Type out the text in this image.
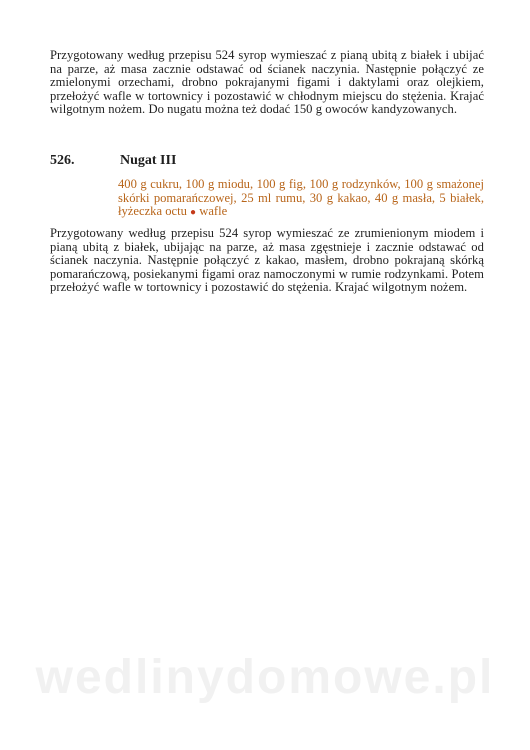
Przygotowany według przepisu 524 syrop wymieszać z pianą ubitą z białek i ubijać na parze, aż masa zacznie odstawać od ścianek naczynia. Następnie połączyć ze zmielonymi orzechami, drobno pokrajanymi figami i daktylami oraz olejkiem, przełożyć wafle w tortownicy i pozostawić w chłodnym miejscu do stężenia. Krajać wilgotnym nożem. Do nugatu można też dodać 150 g owoców kandyzowanych.

526.	Nugat III

400 g cukru, 100 g miodu, 100 g fig, 100 g rodzynków, 100 g smażonej skórki pomarańczowej, 25 ml rumu, 30 g kakao, 40 g masła, 5 białek, łyżeczka octu ● wafle

Przygotowany według przepisu 524 syrop wymieszać ze zrumienionym miodem i pianą ubitą z białek, ubijając na parze, aż masa zgęstnieje i zacznie odstawać od ścianek naczynia. Następnie połączyć z kakao, masłem, drobno pokrajaną skórką pomarańczową, posiekanymi figami oraz namoczonymi w rumie rodzynkami. Potem przełożyć wafle w tortownicy i pozostawić do stężenia. Krajać wilgotnym nożem.

wedlinydomowe.pl
